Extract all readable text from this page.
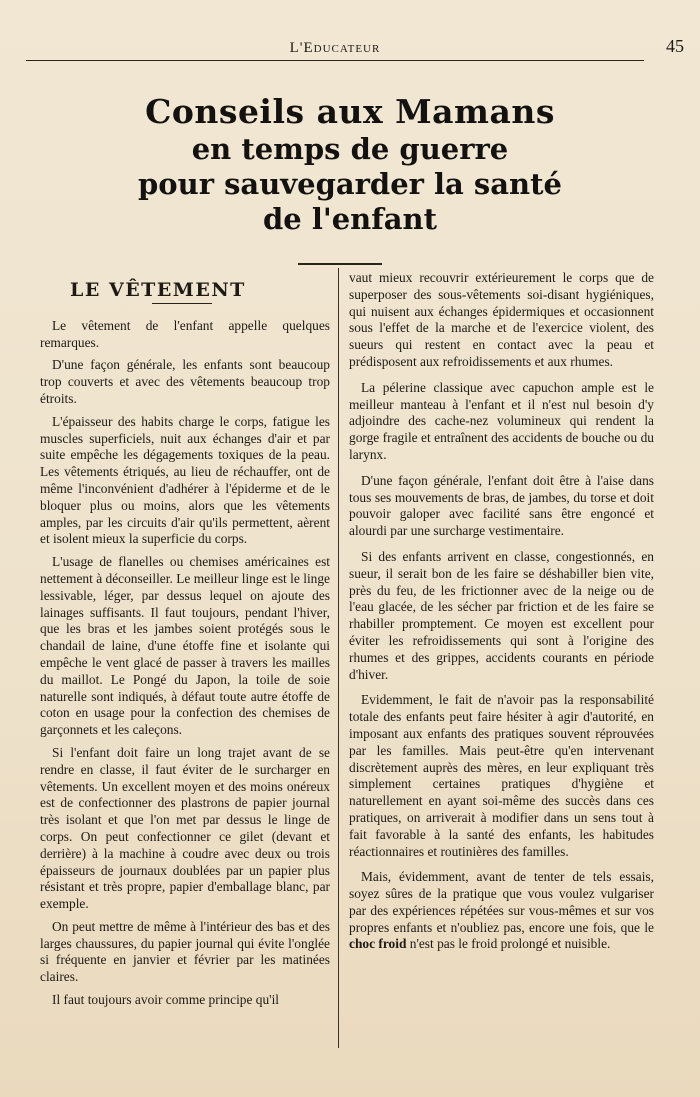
L'Educateur	45
Conseils aux Mamans
en temps de guerre
pour sauvegarder la santé
de l'enfant
LE VÊTEMENT

Le vêtement de l'enfant appelle quelques remarques.

D'une façon générale, les enfants sont beaucoup trop couverts et avec des vêtements beaucoup trop étroits.

L'épaisseur des habits charge le corps, fatigue les muscles superficiels, nuit aux échanges d'air et par suite empêche les dégagements toxiques de la peau. Les vêtements étriqués, au lieu de réchauffer, ont de même l'inconvénient d'adhérer à l'épiderme et de le bloquer plus ou moins, alors que les vêtements amples, par les circuits d'air qu'ils permettent, aèrent et isolent mieux la superficie du corps.

L'usage de flanelles ou chemises américaines est nettement à déconseiller. Le meilleur linge est le linge lessivable, léger, par dessus lequel on ajoute des lainages suffisants. Il faut toujours, pendant l'hiver, que les bras et les jambes soient protégés sous le chandail de laine, d'une étoffe fine et isolante qui empêche le vent glacé de passer à travers les mailles du maillot. Le Pongé du Japon, la toile de soie naturelle sont indiqués, à défaut toute autre étoffe de coton en usage pour la confection des chemises de garçonnets et les caleçons.

Si l'enfant doit faire un long trajet avant de se rendre en classe, il faut éviter de le surcharger en vêtements. Un excellent moyen et des moins onéreux est de confectionner des plastrons de papier journal très isolant et que l'on met par dessus le linge de corps. On peut confectionner ce gilet (devant et derrière) à la machine à coudre avec deux ou trois épaisseurs de journaux doublées par un papier plus résistant et très propre, papier d'emballage blanc, par exemple.

On peut mettre de même à l'intérieur des bas et des larges chaussures, du papier journal qui évite l'onglée si fréquente en janvier et février par les matinées claires.

Il faut toujours avoir comme principe qu'il

vaut mieux recouvrir extérieurement le corps que de superposer des sous-vêtements soi-disant hygiéniques, qui nuisent aux échanges épidermiques et occasionnent sous l'effet de la marche et de l'exercice violent, des sueurs qui restent en contact avec la peau et prédisposent aux refroidissements et aux rhumes.

La pélerine classique avec capuchon ample est le meilleur manteau à l'enfant et il n'est nul besoin d'y adjoindre des cache-nez volumineux qui rendent la gorge fragile et entraînent des accidents de bouche ou du larynx.

D'une façon générale, l'enfant doit être à l'aise dans tous ses mouvements de bras, de jambes, du torse et doit pouvoir galoper avec facilité sans être engoncé et alourdi par une surcharge vestimentaire.

Si des enfants arrivent en classe, congestionnés, en sueur, il serait bon de les faire se déshabiller bien vite, près du feu, de les frictionner avec de la neige ou de l'eau glacée, de les sécher par friction et de les faire se rhabiller promptement. Ce moyen est excellent pour éviter les refroidissements qui sont à l'origine des rhumes et des grippes, accidents courants en période d'hiver.

Evidemment, le fait de n'avoir pas la responsabilité totale des enfants peut faire hésiter à agir d'autorité, en imposant aux enfants des pratiques souvent réprouvées par les familles. Mais peut-être qu'en intervenant discrètement auprès des mères, en leur expliquant très simplement certaines pratiques d'hygiène et naturellement en ayant soi-même des succès dans ces pratiques, on arriverait à modifier dans un sens tout à fait favorable à la santé des enfants, les habitudes réactionnaires et routinières des familles.

Mais, évidemment, avant de tenter de tels essais, soyez sûres de la pratique que vous voulez vulgariser par des expériences répétées sur vous-mêmes et sur vos propres enfants et n'oubliez pas, encore une fois, que le choc froid n'est pas le froid prolongé et nuisible.
